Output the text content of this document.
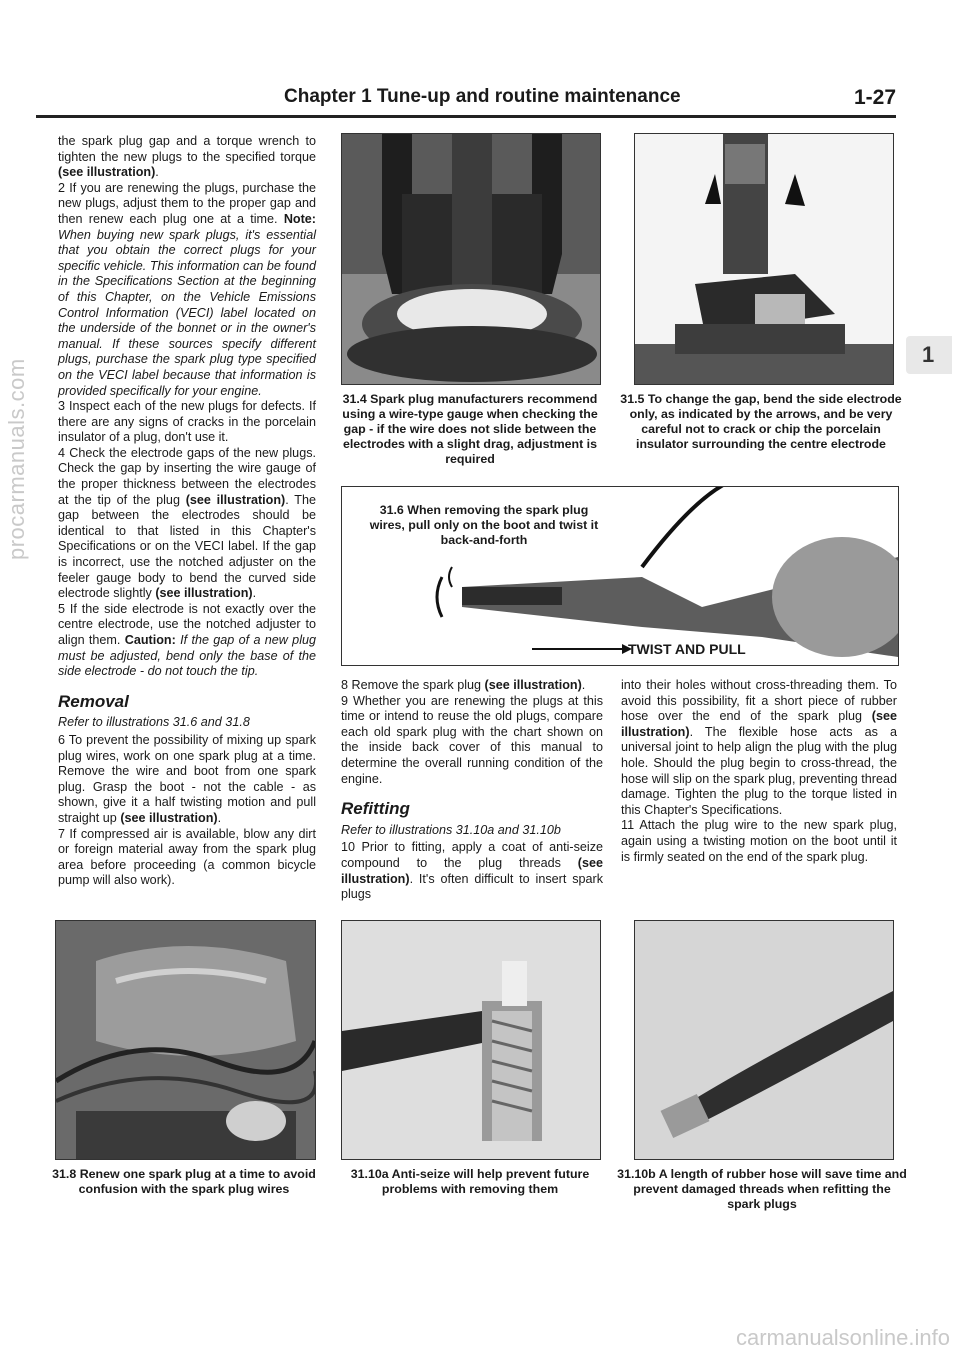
procarmanuals.com
carmanualsonline.info
Chapter 1 Tune-up and routine maintenance	1-27
1

the spark plug gap and a torque wrench to tighten the new plugs to the specified torque (see illustration).

2 If you are renewing the plugs, purchase the new plugs, adjust them to the proper gap and then renew each plug one at a time. Note: When buying new spark plugs, it's essential that you obtain the correct plugs for your specific vehicle. This information can be found in the Specifications Section at the beginning of this Chapter, on the Vehicle Emissions Control Information (VECI) label located on the underside of the bonnet or in the owner's manual. If these sources specify different plugs, purchase the spark plug type specified on the VECI label because that information is provided specifically for your engine.

3 Inspect each of the new plugs for defects. If there are any signs of cracks in the porcelain insulator of a plug, don't use it.

4 Check the electrode gaps of the new plugs. Check the gap by inserting the wire gauge of the proper thickness between the electrodes at the tip of the plug (see illustration). The gap between the electrodes should be identical to that listed in this Chapter's Specifications or on the VECI label. If the gap is incorrect, use the notched adjuster on the feeler gauge body to bend the curved side electrode slightly (see illustration).

5 If the side electrode is not exactly over the centre electrode, use the notched adjuster to align them. Caution: If the gap of a new plug must be adjusted, bend only the base of the side electrode - do not touch the tip.

Removal

Refer to illustrations 31.6 and 31.8

6 To prevent the possibility of mixing up spark plug wires, work on one spark plug at a time. Remove the wire and boot from one spark plug. Grasp the boot - not the cable - as shown, give it a half twisting motion and pull straight up (see illustration).

7 If compressed air is available, blow any dirt or foreign material away from the spark plug area before proceeding (a common bicycle pump will also work).

31.4 Spark plug manufacturers recommend using a wire-type gauge when checking the gap - if the wire does not slide between the electrodes with a slight drag, adjustment is required
31.5 To change the gap, bend the side electrode only, as indicated by the arrows, and be very careful not to crack or chip the porcelain insulator surrounding the centre electrode
31.6 When removing the spark plug wires, pull only on the boot and twist it back-and-forth
TWIST AND PULL

8 Remove the spark plug (see illustration).

9 Whether you are renewing the plugs at this time or intend to reuse the old plugs, compare each old spark plug with the chart shown on the inside back cover of this manual to determine the overall running condition of the engine.

Refitting

Refer to illustrations 31.10a and 31.10b

10 Prior to fitting, apply a coat of anti-seize compound to the plug threads (see illustration). It's often difficult to insert spark plugs

into their holes without cross-threading them. To avoid this possibility, fit a short piece of rubber hose over the end of the spark plug (see illustration). The flexible hose acts as a universal joint to help align the plug with the plug hole. Should the plug begin to cross-thread, the hose will slip on the spark plug, preventing thread damage. Tighten the plug to the torque listed in this Chapter's Specifications.

11 Attach the plug wire to the new spark plug, again using a twisting motion on the boot until it is firmly seated on the end of the spark plug.

31.8 Renew one spark plug at a time to avoid confusion with the spark plug wires
31.10a Anti-seize will help prevent future problems with removing them
31.10b A length of rubber hose will save time and prevent damaged threads when refitting the spark plugs
